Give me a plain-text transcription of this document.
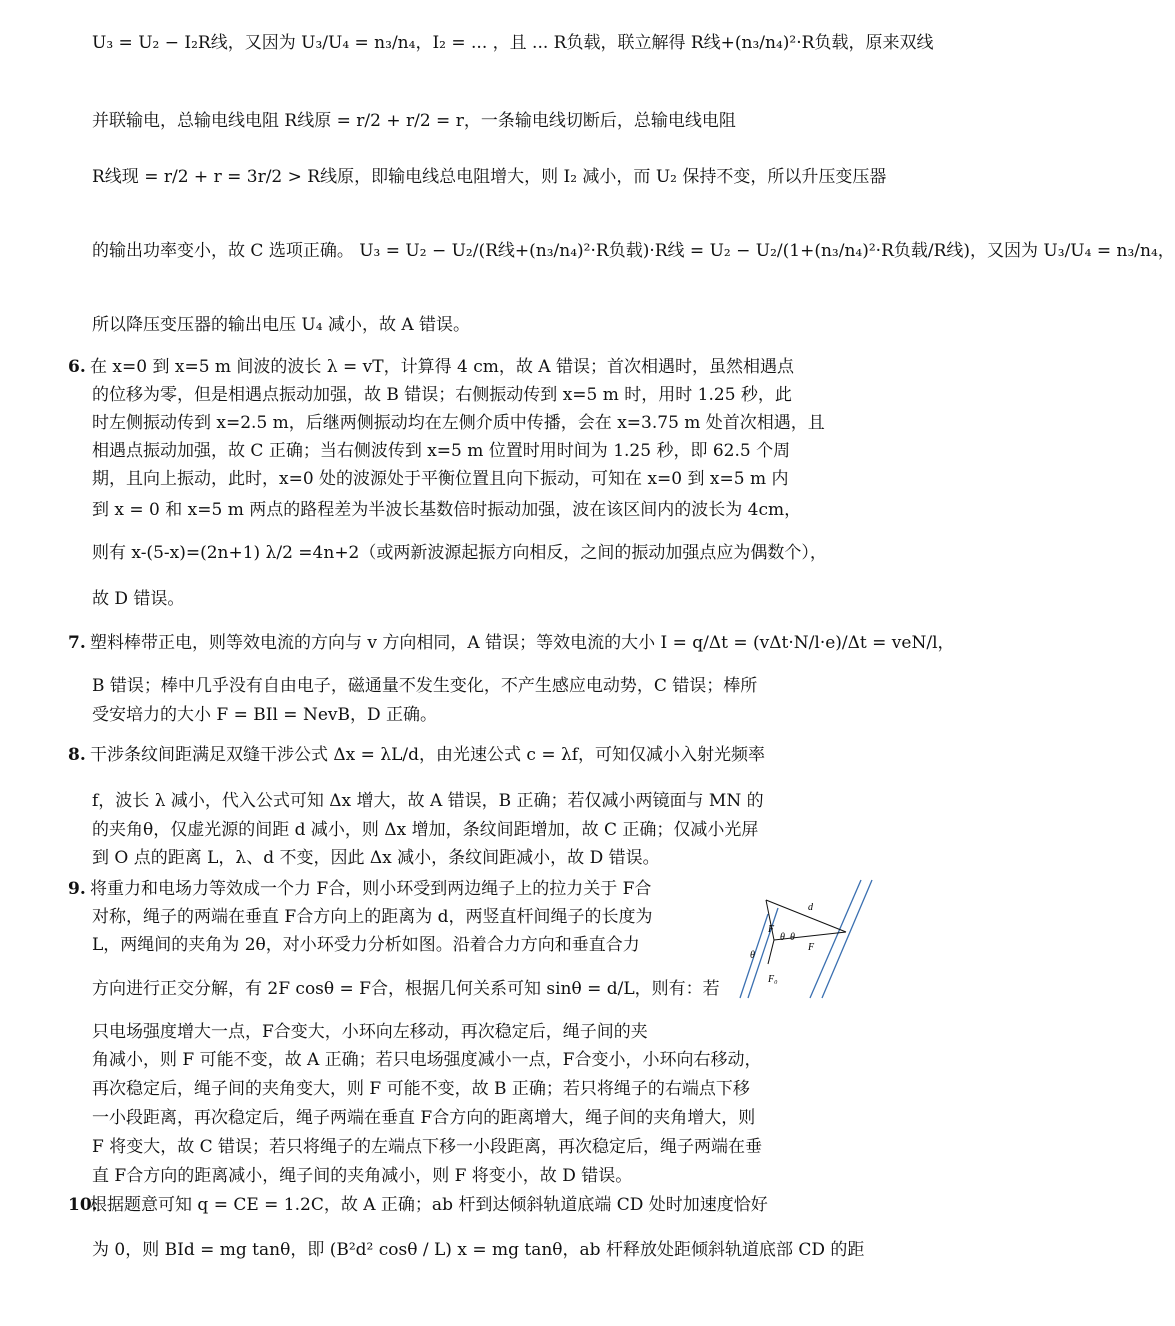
U₃ = U₂ − I₂R线，又因为 U₃/U₄ = n₃/n₄，I₂ = ... ，且 ... R负载，联立解得 R线+(n₃/n₄)²·R负载，原来双线
并联输电，总输电线电阻 R线原 = r/2 + r/2 = r，一条输电线切断后，总输电线电阻
R线现 = r/2 + r = 3r/2 > R线原，即输电线总电阻增大，则 I₂ 减小，而 U₂ 保持不变，所以升压变压器
的输出功率变小，故 C 选项正确。 U₃ = U₂ − U₂/(R线+(n₃/n₄)²·R负载)·R线 = U₂ − U₂/(1+(n₃/n₄)²·R负载/R线)，又因为 U₃/U₄ = n₃/n₄，
所以降压变压器的输出电压 U₄ 减小，故 A 错误。
6. 在 x=0 到 x=5 m 间波的波长 λ = vT，计算得 4 cm，故 A 错误；首次相遇时，虽然相遇点
的位移为零，但是相遇点振动加强，故 B 错误；右侧振动传到 x=5 m 时，用时 1.25 秒，此
时左侧振动传到 x=2.5 m，后继两侧振动均在左侧介质中传播，会在 x=3.75 m 处首次相遇，且
相遇点振动加强，故 C 正确；当右侧波传到 x=5 m 位置时用时间为 1.25 秒，即 62.5 个周
期，且向上振动，此时，x=0 处的波源处于平衡位置且向下振动，可知在 x=0 到 x=5 m 内
到 x = 0 和 x=5 m 两点的路程差为半波长基数倍时振动加强，波在该区间内的波长为 4cm，
则有 x-(5-x)=(2n+1) λ/2 =4n+2（或两新波源起振方向相反，之间的振动加强点应为偶数个），
故 D 错误。
7. 塑料棒带正电，则等效电流的方向与 v 方向相同，A 错误；等效电流的大小 I = q/Δt = (vΔt·N/l·e)/Δt = veN/l，
B 错误；棒中几乎没有自由电子，磁通量不发生变化，不产生感应电动势，C 错误；棒所
受安培力的大小 F = BIl = NevB，D 正确。
8. 干涉条纹间距满足双缝干涉公式 Δx = λL/d，由光速公式 c = λf，可知仅减小入射光频率
f，波长 λ 减小，代入公式可知 Δx 增大，故 A 错误，B 正确；若仅减小两镜面与 MN 的
的夹角θ，仅虚光源的间距 d 减小，则 Δx 增加，条纹间距增加，故 C 正确；仅减小光屏
到 O 点的距离 L，λ、d 不变，因此 Δx 减小，条纹间距减小，故 D 错误。
9. 将重力和电场力等效成一个力 F合，则小环受到两边绳子上的拉力关于 F合
对称，绳子的两端在垂直 F合方向上的距离为 d，两竖直杆间绳子的长度为
L，两绳间的夹角为 2θ，对小环受力分析如图。沿着合力方向和垂直合力
方向进行正交分解，有 2F cosθ = F合，根据几何关系可知 sinθ = d/L，则有：若
只电场强度增大一点，F合变大，小环向左移动，再次稳定后，绳子间的夹
角减小，则 F 可能不变，故 A 正确；若只电场强度减小一点，F合变小，小环向右移动，
再次稳定后，绳子间的夹角变大，则 F 可能不变，故 B 正确；若只将绳子的右端点下移
一小段距离，再次稳定后，绳子两端在垂直 F合方向的距离增大，绳子间的夹角增大，则
F 将变大，故 C 错误；若只将绳子的左端点下移一小段距离，再次稳定后，绳子两端在垂
直 F合方向的距离减小，绳子间的夹角减小，则 F 将变小，故 D 错误。
10.根据题意可知 q = CE = 1.2C，故 A 正确；ab 杆到达倾斜轨道底端 CD 处时加速度恰好
为 0，则 BId = mg tanθ，即 (B²d² cosθ / L) x = mg tanθ，ab 杆释放处距倾斜轨道底部 CD 的距
d
F
θ θ
F
θ
F₀
